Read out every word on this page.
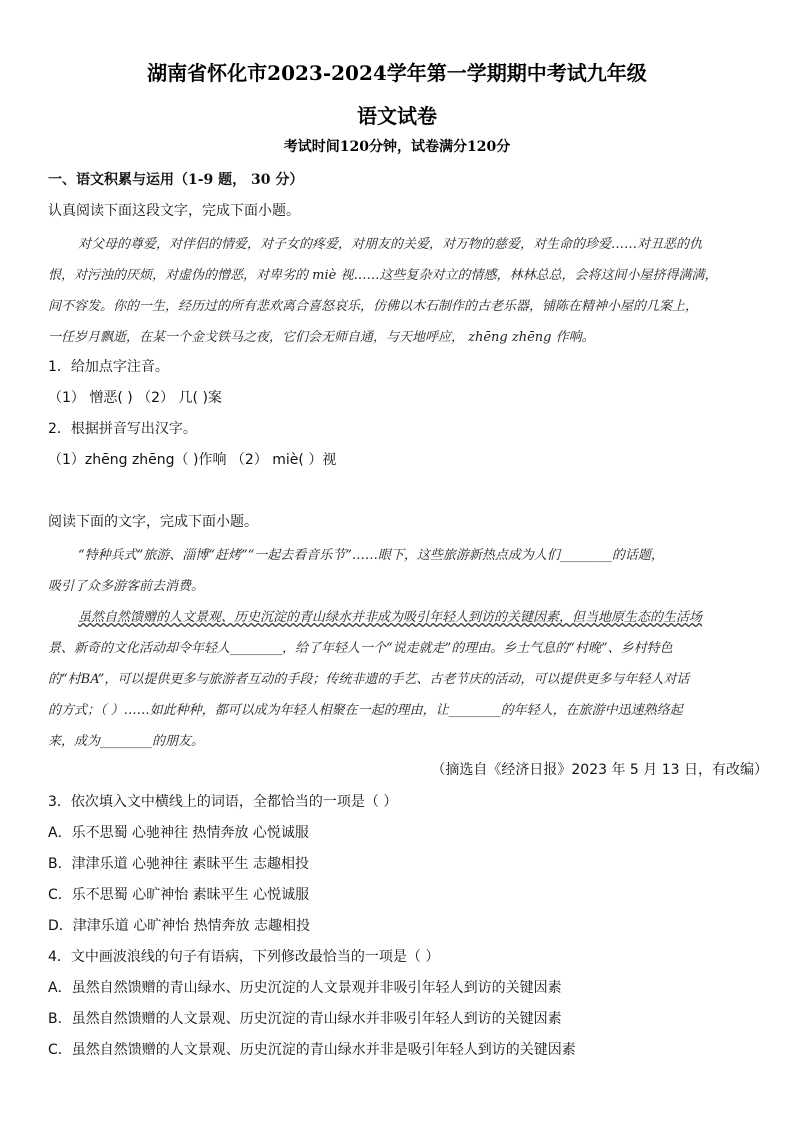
湖南省怀化市2023-2024学年第一学期期中考试九年级
语文试卷
考试时间120分钟，试卷满分120分
一、语文积累与运用（1-9 题， 30 分）
认真阅读下面这段文字，完成下面小题。
对父母的尊爱，对伴侣的情爱，对子女的疼爱，对朋友的关爱，对万物的慈爱，对生命的珍爱……对丑恶的仇
恨，对污浊的厌烦，对虚伪的憎恶，对卑劣的 miè 视……这些复杂对立的情感，林林总总，会将这间小屋挤得满满，
间不容发。你的一生，经历过的所有悲欢离合喜怒哀乐，仿佛以木石制作的古老乐器，铺陈在精神小屋的几案上，
一任岁月飘逝，在某一个金戈铁马之夜，它们会无师自通，与天地呼应， zhēng zhēng 作响。
1．给加点字注音。
（1） 憎恶( ) （2） 几( )案
2．根据拼音写出汉字。
（1）zhēng zhēng（ )作响 （2） miè( ）视
阅读下面的文字，完成下面小题。
“特种兵式”旅游、淄博“赶烤”“一起去看音乐节”……眼下，这些旅游新热点成为人们________的话题，
吸引了众多游客前去消费。
虽然自然馈赠的人文景观、历史沉淀的青山绿水并非成为吸引年轻人到访的关键因素，但当地原生态的生活场
景、新奇的文化活动却令年轻人________，给了年轻人一个“说走就走”的理由。乡土气息的“村晚”、乡村特色
的“村BA”，可以提供更多与旅游者互动的手段；传统非遗的手艺、古老节庆的活动，可以提供更多与年轻人对话
的方式；（ ）……如此种种，都可以成为年轻人相聚在一起的理由，让________的年轻人，在旅游中迅速熟络起
来，成为________的朋友。
（摘选自《经济日报》2023 年 5 月 13 日，有改编）
3．依次填入文中横线上的词语，全都恰当的一项是（ ）
A．乐不思蜀 心驰神往 热情奔放 心悦诚服
B．津津乐道 心驰神往 素昧平生 志趣相投
C．乐不思蜀 心旷神怡 素昧平生 心悦诚服
D．津津乐道 心旷神怡 热情奔放 志趣相投
4．文中画波浪线的句子有语病，下列修改最恰当的一项是（ ）
A．虽然自然馈赠的青山绿水、历史沉淀的人文景观并非吸引年轻人到访的关键因素
B．虽然自然馈赠的人文景观、历史沉淀的青山绿水并非吸引年轻人到访的关键因素
C．虽然自然馈赠的人文景观、历史沉淀的青山绿水并非是吸引年轻人到访的关键因素
